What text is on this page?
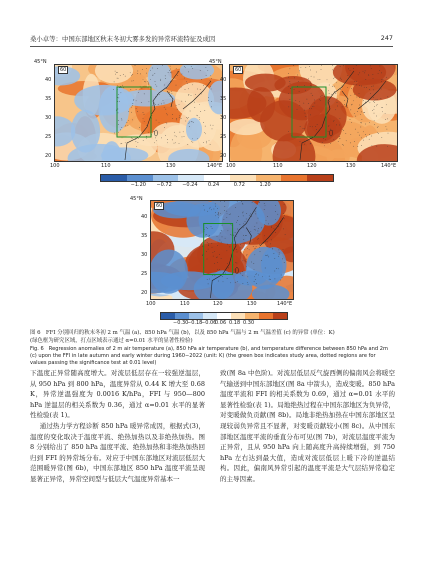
桑小卓等：中国东部地区秋末冬初大雾多发的异常环流特征及成因	247
60	60
45°N
40
35
30
25
20
45°N
40
35
30
25
20
100	110	130	140°E 100	110	120	130	140°E
−1.20 −0.72 −0.24 0.24	0.72	1.20
60
45°N
40
35
30
25
20
100	110	120	130	140°E
−0.30
−0.18
−0.06
0.06 0.18 0.30
图 6　FFI 分别回归的秋末冬初 2 m 气温 (a)、850 hPa 气温 (b)，以及 850 hPa 气温与 2 m 气温差值 (c) 的异常 (单位：K)
(绿色框为研究区域，打点区域表示通过 α=0.01 水平的显著性检验)
Fig. 6　Regression anomalies of 2 m air temperature (a), 850 hPa air temperature (b), and temperature difference between 850 hPa and 2m (c) upon the FFI in late autumn and early winter during 1960−2022 (unit: K) (the green box indicates study area, dotted regions are for values passing the significance test at 0.01 level)

下温度正异常随高度增大。对流层低层存在一较强逆温层，从 950 hPa 到 800 hPa，温度异常从 0.44 K 增大至 0.68 K，异常逆温强度为 0.0016 K/hPa，FFI 与 950—800 hPa 逆温层的相关系数为 0.36，通过 α=0.01 水平的显著性检验(表 1)。

通过热力学方程诊断 850 hPa 暖异常成因，根据式(3)，温度的变化取决于温度平流、绝热加热以及非绝热加热。图 8 分别给出了 850 hPa 温度平流、绝热加热和非绝热加热回归到 FFI 的异常场分布。对应于中国东部地区对流层低层大范围暖异常(图 6b)，中国东部地区 850 hPa 温度平流呈现显著正异常，异常空间型与低层大气温度异常基本一

致(图 8a 中色阶)。对流层低层反气旋西侧的偏南风会将暖空气输送到中国东部地区(图 8a 中箭头)，造成变暖。850 hPa 温度平流和 FFI 的相关系数为 0.69，通过 α=0.01 水平的显著性检验(表 1)。局地绝热过程在中国东部地区为负异常，对变暖做负贡献(图 8b)。局地非绝热加热在中国东部地区呈现较弱负异常且不显著，对变暖贡献较小(图 8c)。从中国东部地区温度平流的垂直分布可见(图 7b)，对流层温度平流为正异常，且从 950 hPa 向上随高度升高持续增强，到 750 hPa 左右达到最大值，造成对流层低层上暖下冷的逆温结构。因此，偏南风异常引起的温度平流是大气层结异常稳定的主导因素。
